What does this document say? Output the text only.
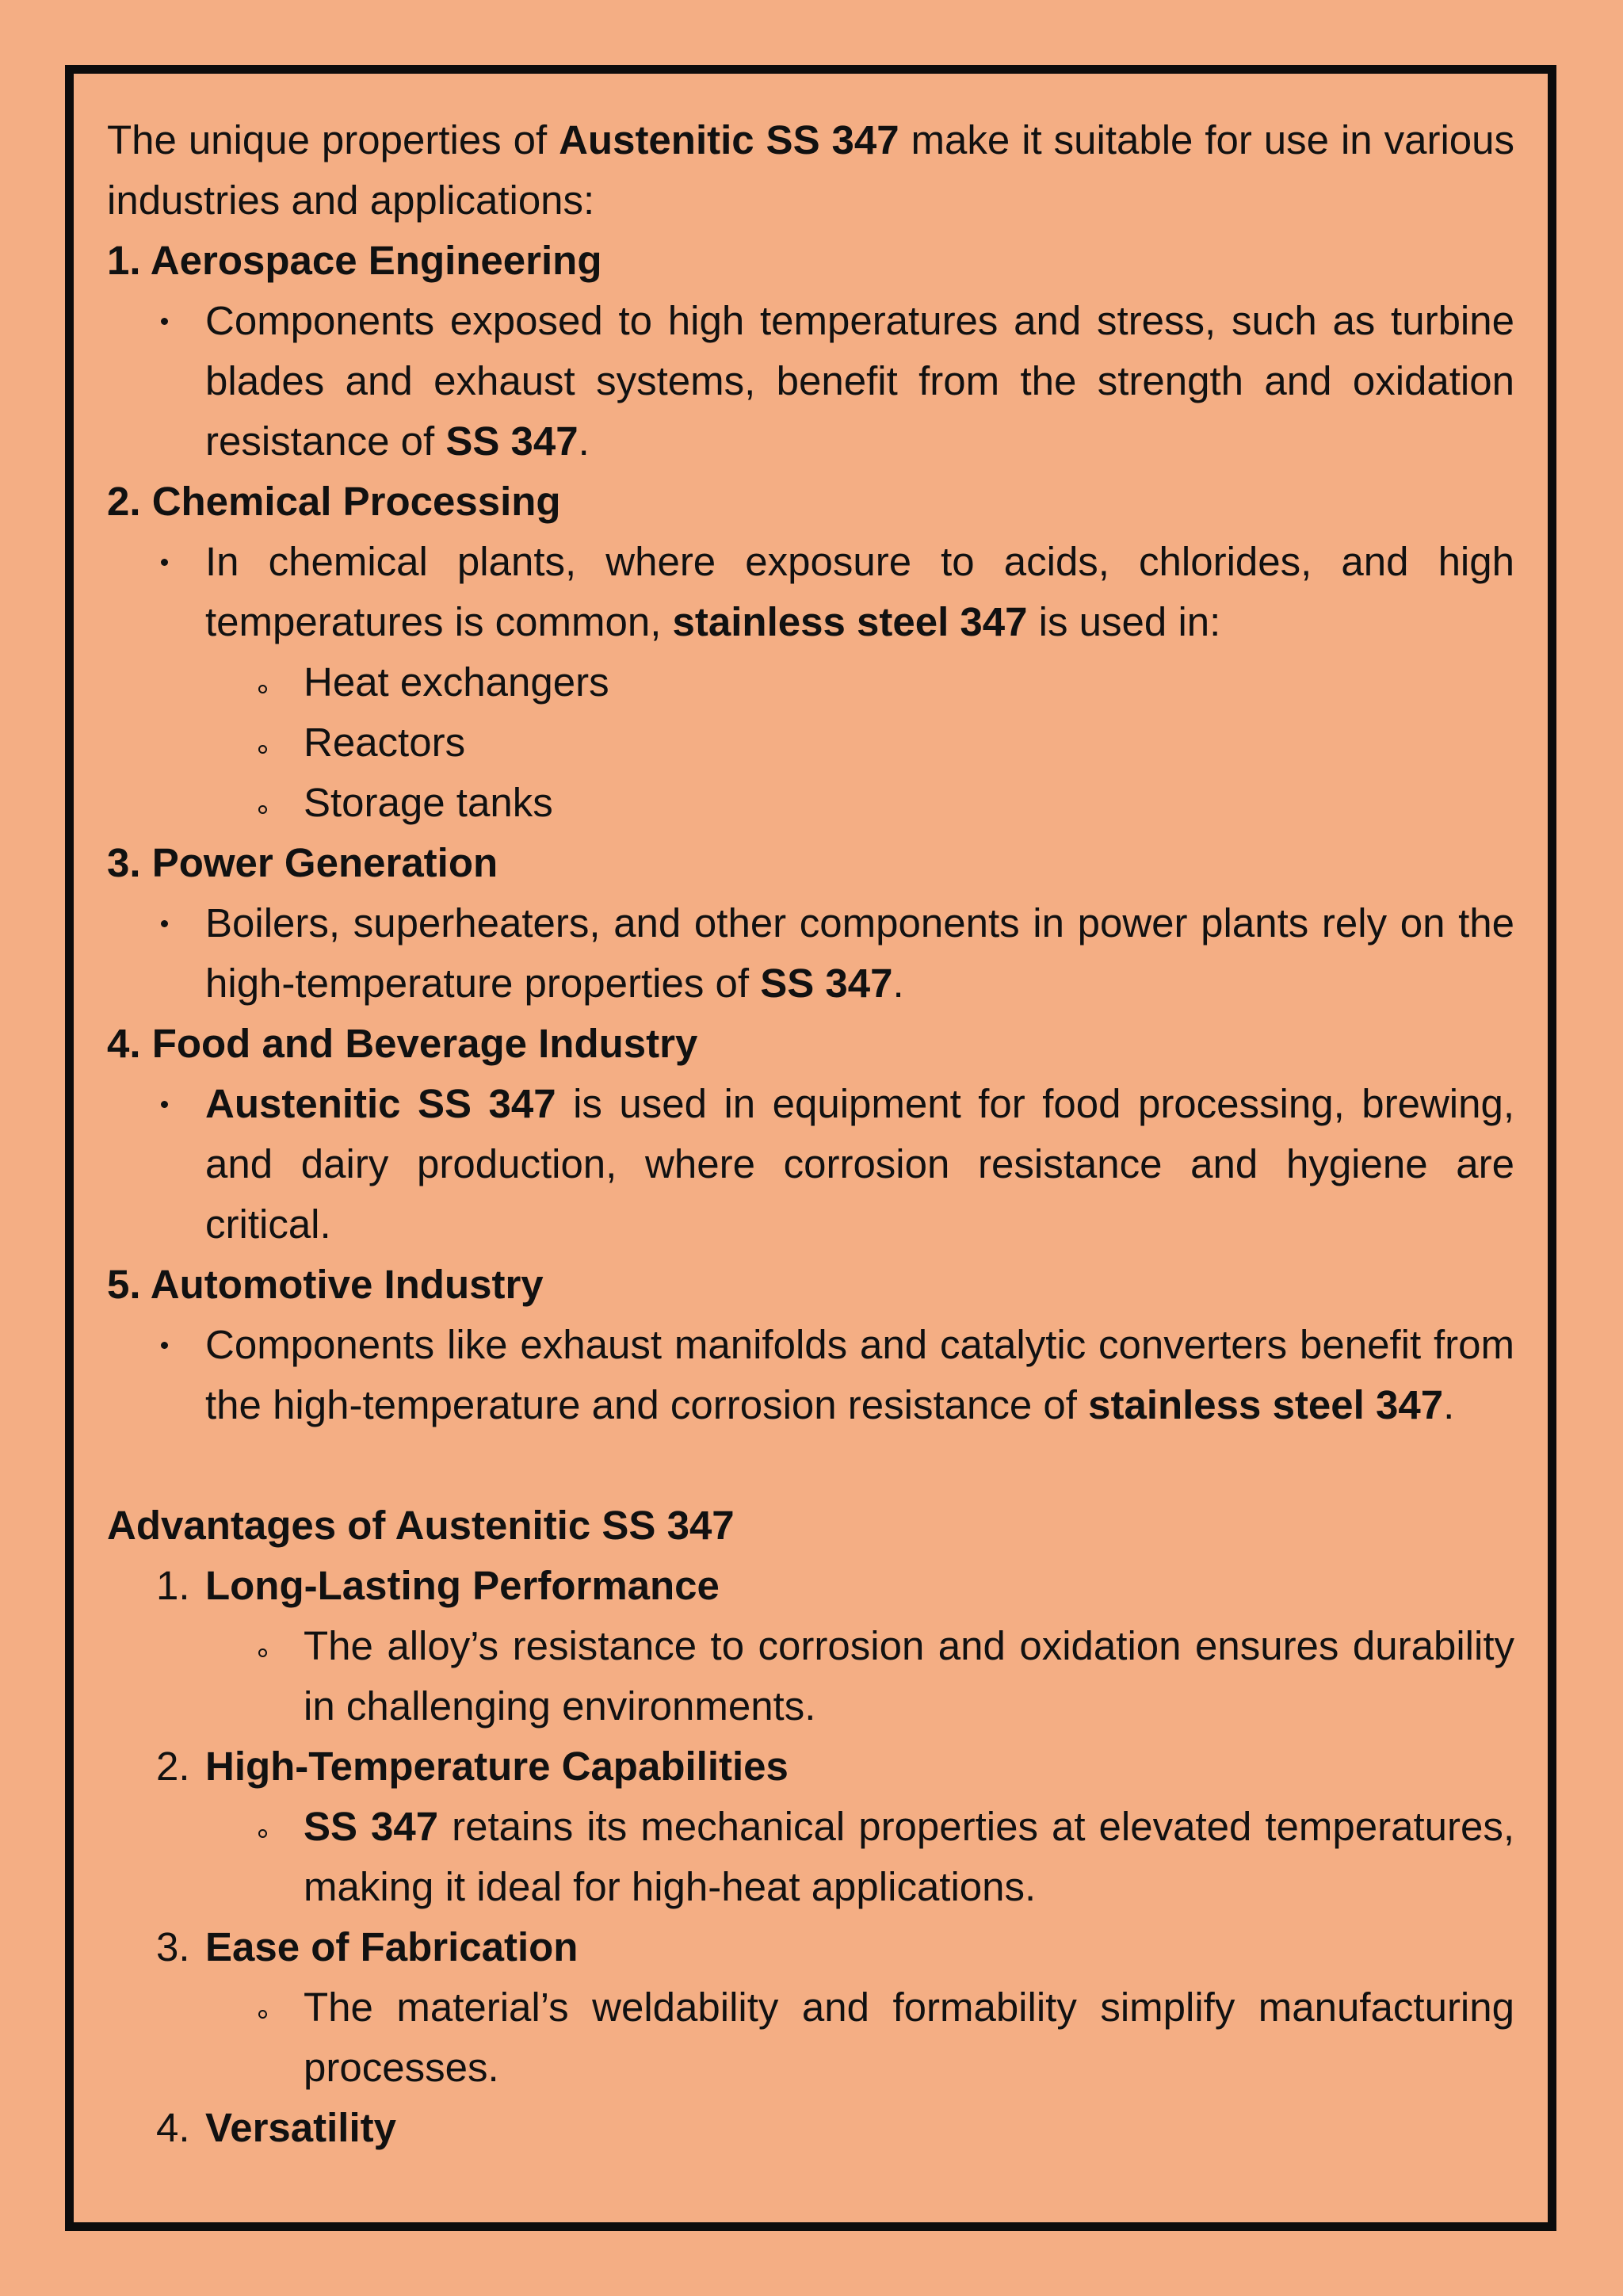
The unique properties of Austenitic SS 347 make it suitable for use in various industries and applications:

1. Aerospace Engineering

Components exposed to high temperatures and stress, such as turbine blades and exhaust systems, benefit from the strength and oxidation resistance of SS 347.

2. Chemical Processing

In chemical plants, where exposure to acids, chlorides, and high temperatures is common, stainless steel 347 is used in:
Heat exchangers
Reactors
Storage tanks

3. Power Generation

Boilers, superheaters, and other components in power plants rely on the high-temperature properties of SS 347.

4. Food and Beverage Industry

Austenitic SS 347 is used in equipment for food processing, brewing, and dairy production, where corrosion resistance and hygiene are critical.

5. Automotive Industry

Components like exhaust manifolds and catalytic converters benefit from the high-temperature and corrosion resistance of stainless steel 347.

Advantages of Austenitic SS 347

1. Long-Lasting Performance
The alloy’s resistance to corrosion and oxidation ensures durability in challenging environments.
2. High-Temperature Capabilities
SS 347 retains its mechanical properties at elevated temperatures, making it ideal for high-heat applications.
3. Ease of Fabrication
The material’s weldability and formability simplify manufacturing processes.
4. Versatility
